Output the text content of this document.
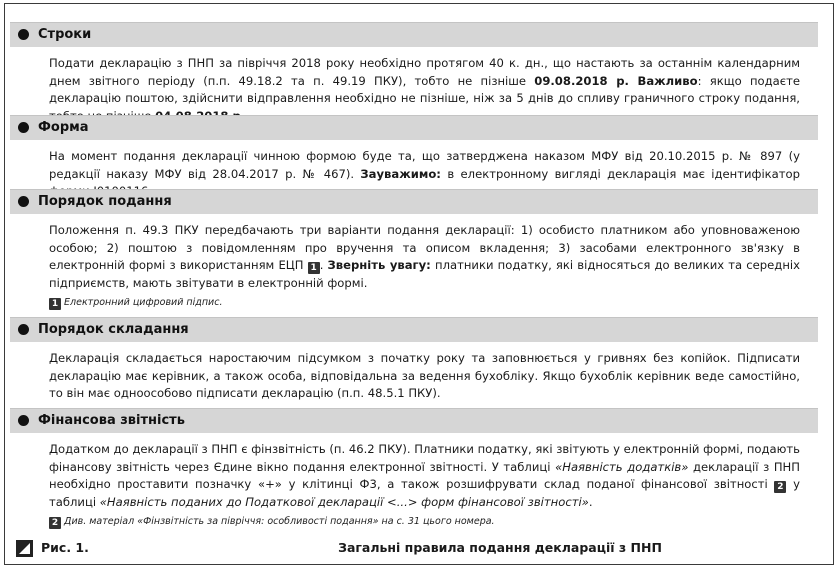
Строки
Подати декларацію з ПНП за півріччя 2018 року необхідно протягом 40 к. дн., що настають за останнім календарним днем звітного періоду (п.п. 49.18.2 та п. 49.19 ПКУ), тобто не пізніше 09.08.2018 р. Важливо: якщо подаєте декларацію поштою, здійснити відправлення необхідно не пізніше, ніж за 5 днів до спливу граничного строку подання,
Форма
На момент подання декларації чинною формою буде та, що затверджена наказом МФУ від 20.10.2015 р. № 897 (у редакції наказу МФУ від 28.04.2017 р. № 467). Зауважимо: в електронному вигляді декларація має ідентифікатор
Порядок подання
Положення п. 49.3 ПКУ передбачають три варіанти подання декларації: 1) особисто платником або уповноваженою особою; 2) поштою з повідомленням про вручення та описом вкладення; 3) засобами електронного зв'язку в електронній формі з використанням ЕЦП 1 . Зверніть увагу: платники податку, які відносяться до великих та середніх підприємств, мають звітувати в електронній формі.
1 Електронний цифровий підпис.
Порядок складання
Декларація складається наростаючим підсумком з початку року та заповнюється у гривнях без копійок. Підписати декларацію має керівник, а також особа, відповідальна за ведення бухобліку. Якщо бухоблік керівник веде самостійно, то він має одноособово підписати декларацію (п.п. 48.5.1 ПКУ).
Фінансова звітність
Додатком до декларації з ПНП є фінзвітність (п. 46.2 ПКУ). Платники податку, які звітують у електронній формі, подають фінансову звітність через Єдине вікно подання електронної звітності. У таблиці «Наявність додатків» декларації з ПНП необхідно проставити позначку «+» у клітинці Ф3, а також розшифрувати склад поданої фінансової звітності 2 у таблиці «Наявність поданих до Податкової декларації <...> форм фінансової звітності».
2 Див. матеріал «Фінзвітність за півріччя: особливості подання» на с. 31 цього номера.
Рис. 1.	Загальні правила подання декларації з ПНП
